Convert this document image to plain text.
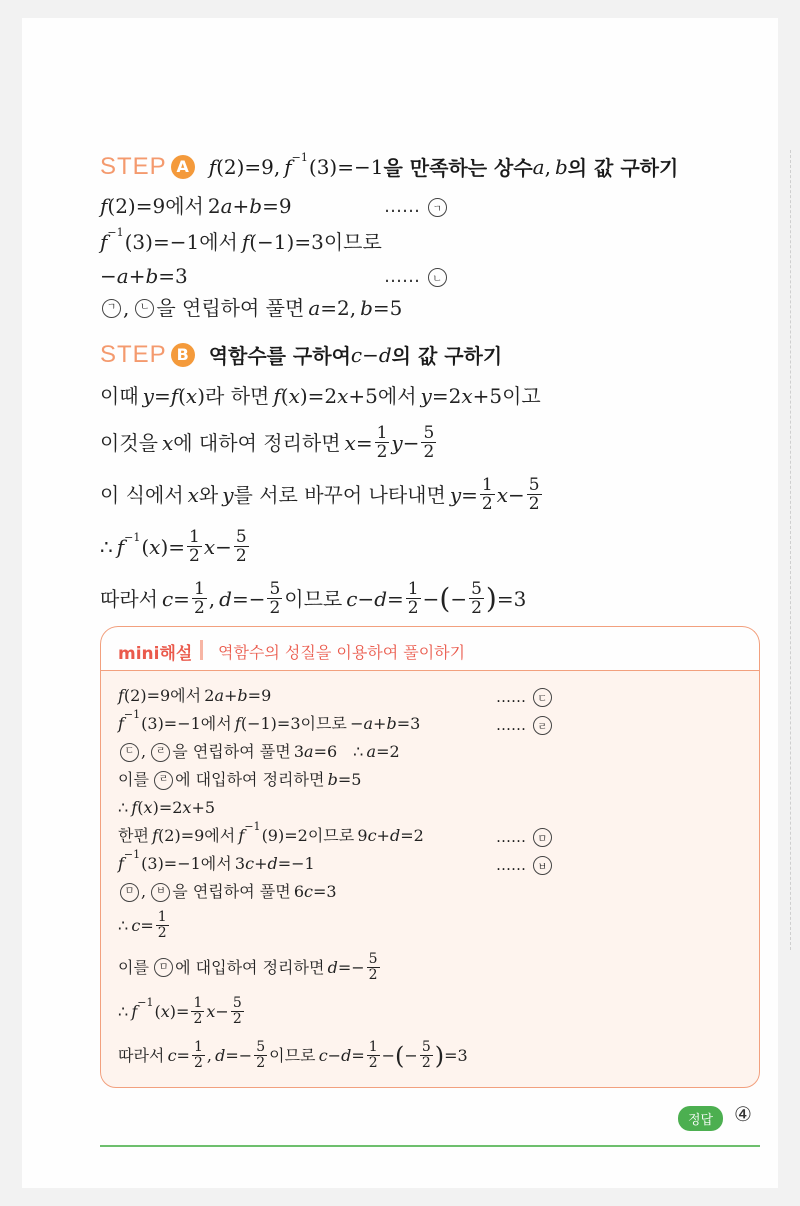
STEP A f (2)=9,  f −1 (3)=−1 을 만족하는 상수 a ,  b 의 값 구하기
f (2)=9 에서  2 a + b =9	…… ㄱ
f −1 (3)=−1 에서  f (−1)=3 이므로
− a + b =3	…… ㄴ
ㄱ ,  ㄴ 을 연립하여 풀면  a =2,  b =5
STEP B 역함수를 구하여 c − d 의 값 구하기
이때  y = f ( x ) 라 하면  f ( x )=2 x +5 에서  y =2 x +5 이고
이것을  x 에 대하여 정리하면  $x = \frac{1}{2}$ $y - \frac{5}{2}$
이 식에서  x 와  y 를 서로 바꾸어 나타내면  $y = \frac{1}{2}$ $x - \frac{5}{2}$
∴  f −1 ( x )= $\frac{1}{2}$ $x - \frac{5}{2}$
따라서  $c = \frac{1}{2}$ ,  $d =- \frac{5}{2}$ 이므로  $c - d = \frac{1}{2}$ − ( − $\frac{5}{2}$ ) =3
mini해설 역함수의 성질을 이용하여 풀이하기
f (2)=9 에서  2 a + b =9	…… ㄷ
f −1 (3)=−1 에서  f (−1)=3 이므로  − a + b =3	…… ㄹ
ㄷ ,  ㄹ 을 연립하여 풀면  3 a =6 ∴  a =2
이를
  ㄹ 에 대입하여 정리하면  b =5
∴  f ( x )=2 x +5
한편  f (2)=9 에서  f −1 (9)=2 이므로  9 c + d =2	…… ㅁ
f −1 (3)=−1 에서  3 c + d =−1	…… ㅂ
ㅁ ,  ㅂ 을 연립하여 풀면  6 c =3
∴  $c = \frac{1}{2}$
이를
  ㅁ 에 대입하여 정리하면  $d =- \frac{5}{2}$
∴  f −1 ( x )= $\frac{1}{2}$ $x - \frac{5}{2}$
따라서  $c = \frac{1}{2}$ ,  $d =- \frac{5}{2}$ 이므로  $c - d = \frac{1}{2}$ − ( − $\frac{5}{2}$ ) =3
정답	④
